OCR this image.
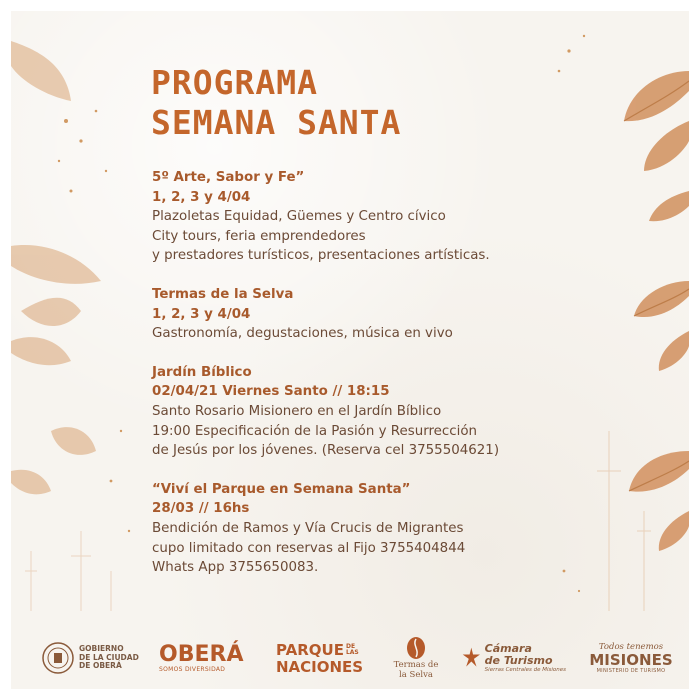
PROGRAMA
SEMANA SANTA
5º Arte, Sabor y Fe”
1, 2, 3 y 4/04
Plazoletas Equidad, Güemes y Centro cívico
City tours, feria emprendedores
y prestadores turísticos, presentaciones artísticas.
Termas de la Selva
1, 2, 3 y 4/04
Gastronomía, degustaciones, música en vivo
Jardín Bíblico
02/04/21 Viernes Santo // 18:15
Santo Rosario Misionero en el Jardín Bíblico
19:00 Especificación de la Pasión y Resurrección
de Jesús por los jóvenes. (Reserva cel 3755504621)
“Viví el Parque en Semana Santa”
28/03 // 16hs
Bendición de Ramos y Vía Crucis de Migrantes
cupo limitado con reservas al Fijo 3755404844
Whats App 3755650083.
GOBIERNO
DE LA CIUDAD
DE OBERÁ	OBERÁ
SOMOS DIVERSIDAD
PARQUE DE LAS
NACIONES	Termas de
la Selva
Cámara
de Turismo
Sierras Centrales de Misiones
Todos tenemos
MISIONES
MINISTERIO DE TURISMO
